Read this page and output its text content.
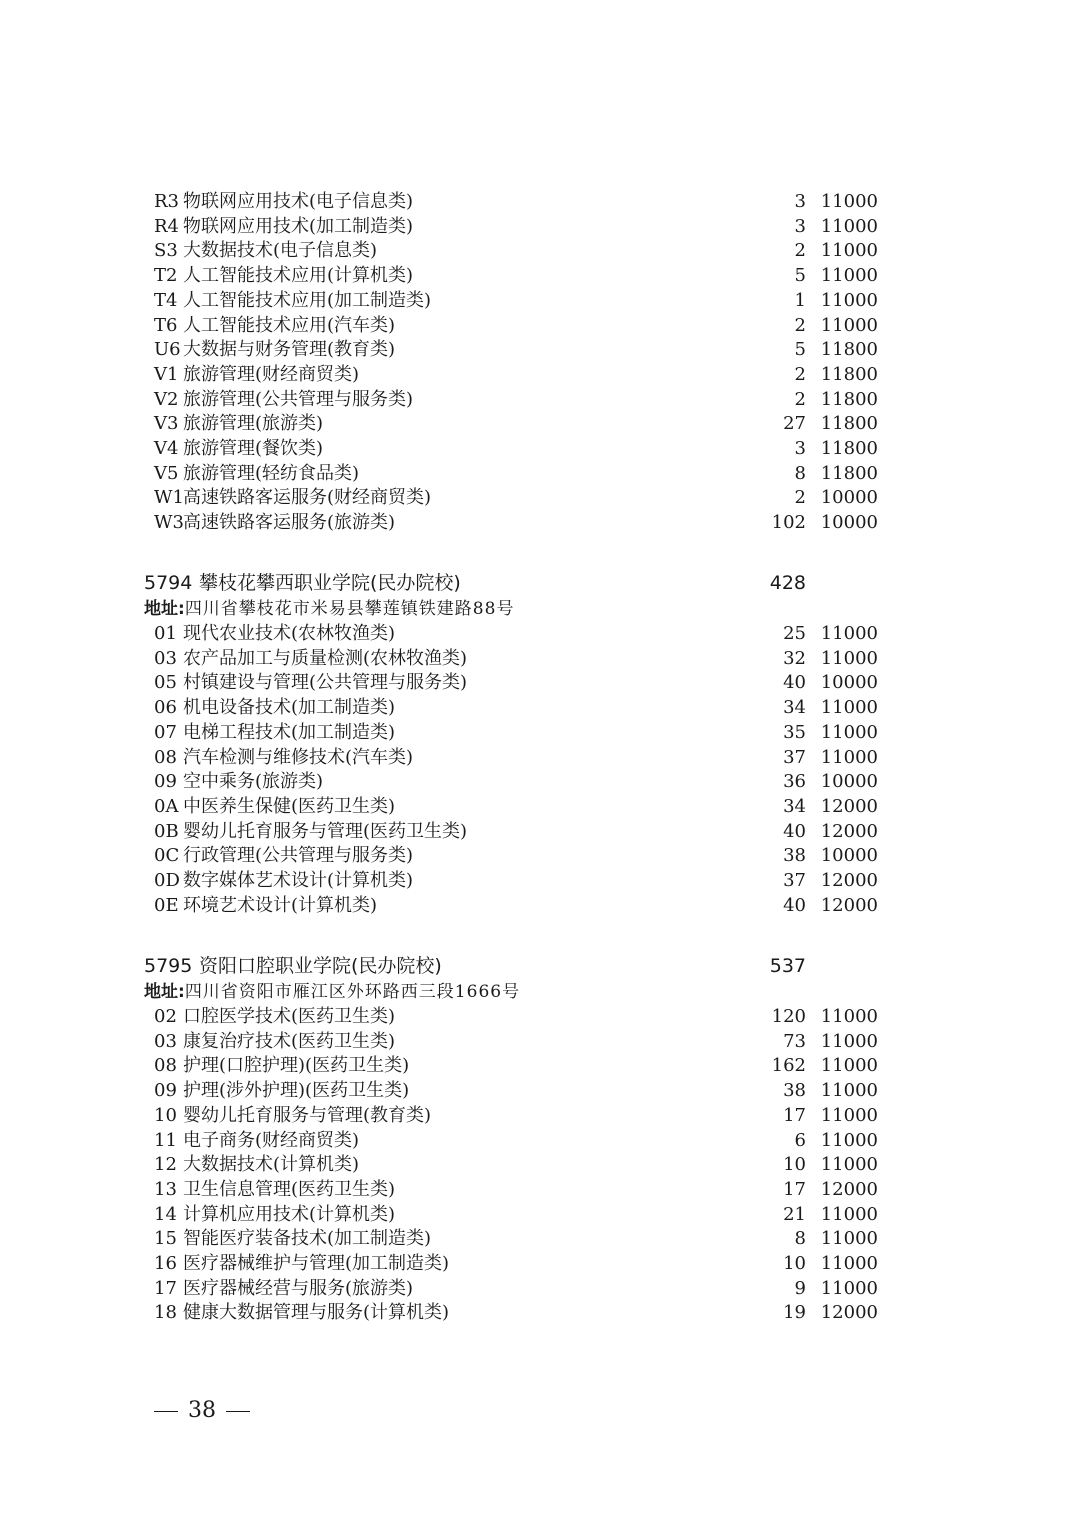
R3 物联网应用技术(电子信息类)	3 11000
R4 物联网应用技术(加工制造类)	3 11000
S3 大数据技术(电子信息类)	2 11000
T2 人工智能技术应用(计算机类)	5 11000
T4 人工智能技术应用(加工制造类)	1 11000
T6 人工智能技术应用(汽车类)	2 11000
U6 大数据与财务管理(教育类)	5 11800
V1 旅游管理(财经商贸类)	2 11800
V2 旅游管理(公共管理与服务类)	2 11800
V3 旅游管理(旅游类)	27 11800
V4 旅游管理(餐饮类)	3 11800
V5 旅游管理(轻纺食品类)	8 11800
W1 高速铁路客运服务(财经商贸类)	2 10000
W3 高速铁路客运服务(旅游类)	102 10000
5794 攀枝花攀西职业学院(民办院校)	428
地址:四川省攀枝花市米易县攀莲镇铁建路88号
01 现代农业技术(农林牧渔类)	25 11000
03 农产品加工与质量检测(农林牧渔类)	32 11000
05 村镇建设与管理(公共管理与服务类)	40 10000
06 机电设备技术(加工制造类)	34 11000
07 电梯工程技术(加工制造类)	35 11000
08 汽车检测与维修技术(汽车类)	37 11000
09 空中乘务(旅游类)	36 10000
0A 中医养生保健(医药卫生类)	34 12000
0B 婴幼儿托育服务与管理(医药卫生类)	40 12000
0C 行政管理(公共管理与服务类)	38 10000
0D 数字媒体艺术设计(计算机类)	37 12000
0E 环境艺术设计(计算机类)	40 12000
5795 资阳口腔职业学院(民办院校)	537
地址:四川省资阳市雁江区外环路西三段1666号
02 口腔医学技术(医药卫生类)	120 11000
03 康复治疗技术(医药卫生类)	73 11000
08 护理(口腔护理)(医药卫生类)	162 11000
09 护理(涉外护理)(医药卫生类)	38 11000
10 婴幼儿托育服务与管理(教育类)	17 11000
11 电子商务(财经商贸类)	6 11000
12 大数据技术(计算机类)	10 11000
13 卫生信息管理(医药卫生类)	17 12000
14 计算机应用技术(计算机类)	21 11000
15 智能医疗装备技术(加工制造类)	8 11000
16 医疗器械维护与管理(加工制造类)	10 11000
17 医疗器械经营与服务(旅游类)	9 11000
18 健康大数据管理与服务(计算机类)	19 12000
38
